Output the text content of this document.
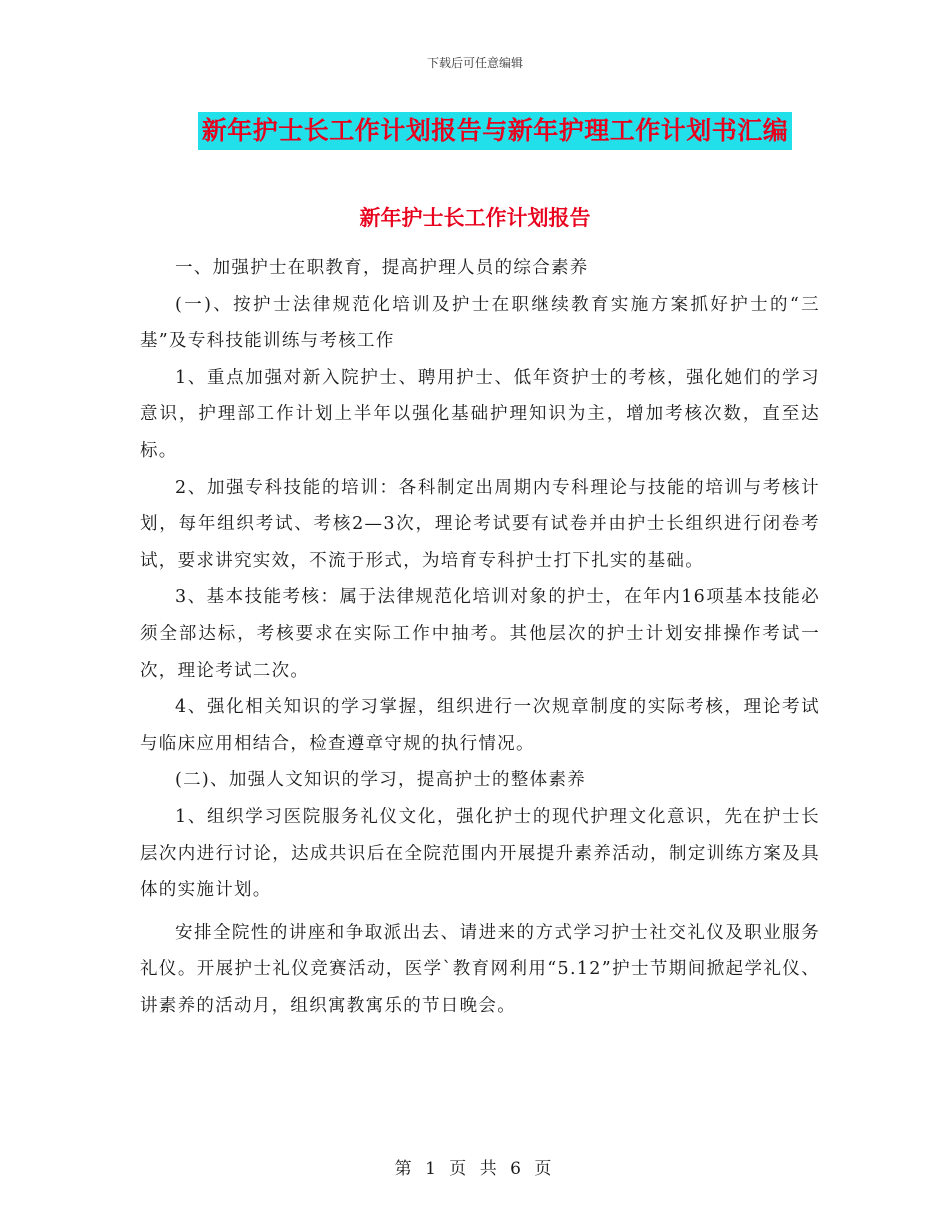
下载后可任意编辑
新年护士长工作计划报告与新年护理工作计划书汇编
新年护士长工作计划报告

一、加强护士在职教育，提高护理人员的综合素养

(一)、按护士法律规范化培训及护士在职继续教育实施方案抓好护士的“三基”及专科技能训练与考核工作

1、重点加强对新入院护士、聘用护士、低年资护士的考核，强化她们的学习意识，护理部工作计划上半年以强化基础护理知识为主，增加考核次数，直至达标。

2、加强专科技能的培训：各科制定出周期内专科理论与技能的培训与考核计划，每年组织考试、考核2—3次，理论考试要有试卷并由护士长组织进行闭卷考试，要求讲究实效，不流于形式，为培育专科护士打下扎实的基础。

3、基本技能考核：属于法律规范化培训对象的护士，在年内16项基本技能必须全部达标，考核要求在实际工作中抽考。其他层次的护士计划安排操作考试一次，理论考试二次。

4、强化相关知识的学习掌握，组织进行一次规章制度的实际考核，理论考试与临床应用相结合，检查遵章守规的执行情况。

(二)、加强人文知识的学习，提高护士的整体素养

1、组织学习医院服务礼仪文化，强化护士的现代护理文化意识，先在护士长层次内进行讨论，达成共识后在全院范围内开展提升素养活动，制定训练方案及具体的实施计划。

安排全院性的讲座和争取派出去、请进来的方式学习护士社交礼仪及职业服务礼仪。开展护士礼仪竞赛活动，医学`教育网利用“5.12”护士节期间掀起学礼仪、讲素养的活动月，组织寓教寓乐的节日晚会。

第 1 页 共 6 页
